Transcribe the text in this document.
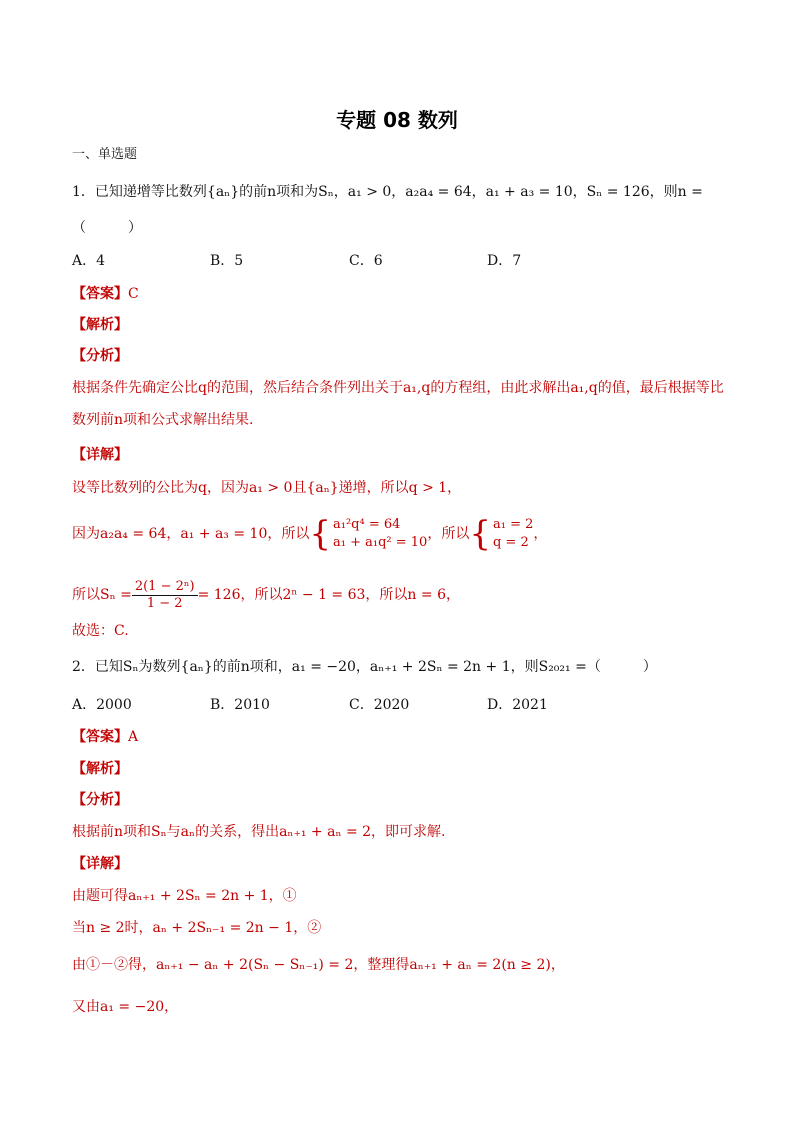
专题 08 数列
一、单选题
1．已知递增等比数列{aₙ}的前n项和为Sₙ，a₁ > 0，a₂a₄ = 64，a₁ + a₃ = 10，Sₙ = 126，则n =
（　　　）
A．4	B．5	C．6	D．7
【答案】C
【解析】
【分析】
根据条件先确定公比q的范围，然后结合条件列出关于a₁,q的方程组，由此求解出a₁,q的值，最后根据等比
数列前n项和公式求解出结果.
【详解】
设等比数列的公比为q，因为a₁ > 0且{aₙ}递增，所以q > 1，
因为a₂a₄ = 64，a₁ + a₃ = 10，所以{ a₁²q⁴ = 64
a₁ + a₁q² = 10
，所以{ a₁ = 2
q = 2
，
所以$S_n = \frac{\text{2(1 − 2ⁿ)}}{1 - 2} = 126$，所以2ⁿ − 1 = 63，所以n = 6，
故选：C.
2．已知Sₙ为数列{aₙ}的前n项和，a₁ = −20，aₙ₊₁ + 2Sₙ = 2n + 1，则S₂₀₂₁ =（　　　）
A．2000	B．2010	C．2020	D．2021
【答案】A
【解析】
【分析】
根据前n项和Sₙ与aₙ的关系，得出aₙ₊₁ + aₙ = 2，即可求解.
【详解】
由题可得aₙ₊₁ + 2Sₙ = 2n + 1，①
当n ≥ 2时，aₙ + 2Sₙ₋₁ = 2n − 1，②
由①－②得，aₙ₊₁ − aₙ + 2(Sₙ − Sₙ₋₁) = 2，整理得aₙ₊₁ + aₙ = 2(n ≥ 2)，
又由a₁ = −20，
